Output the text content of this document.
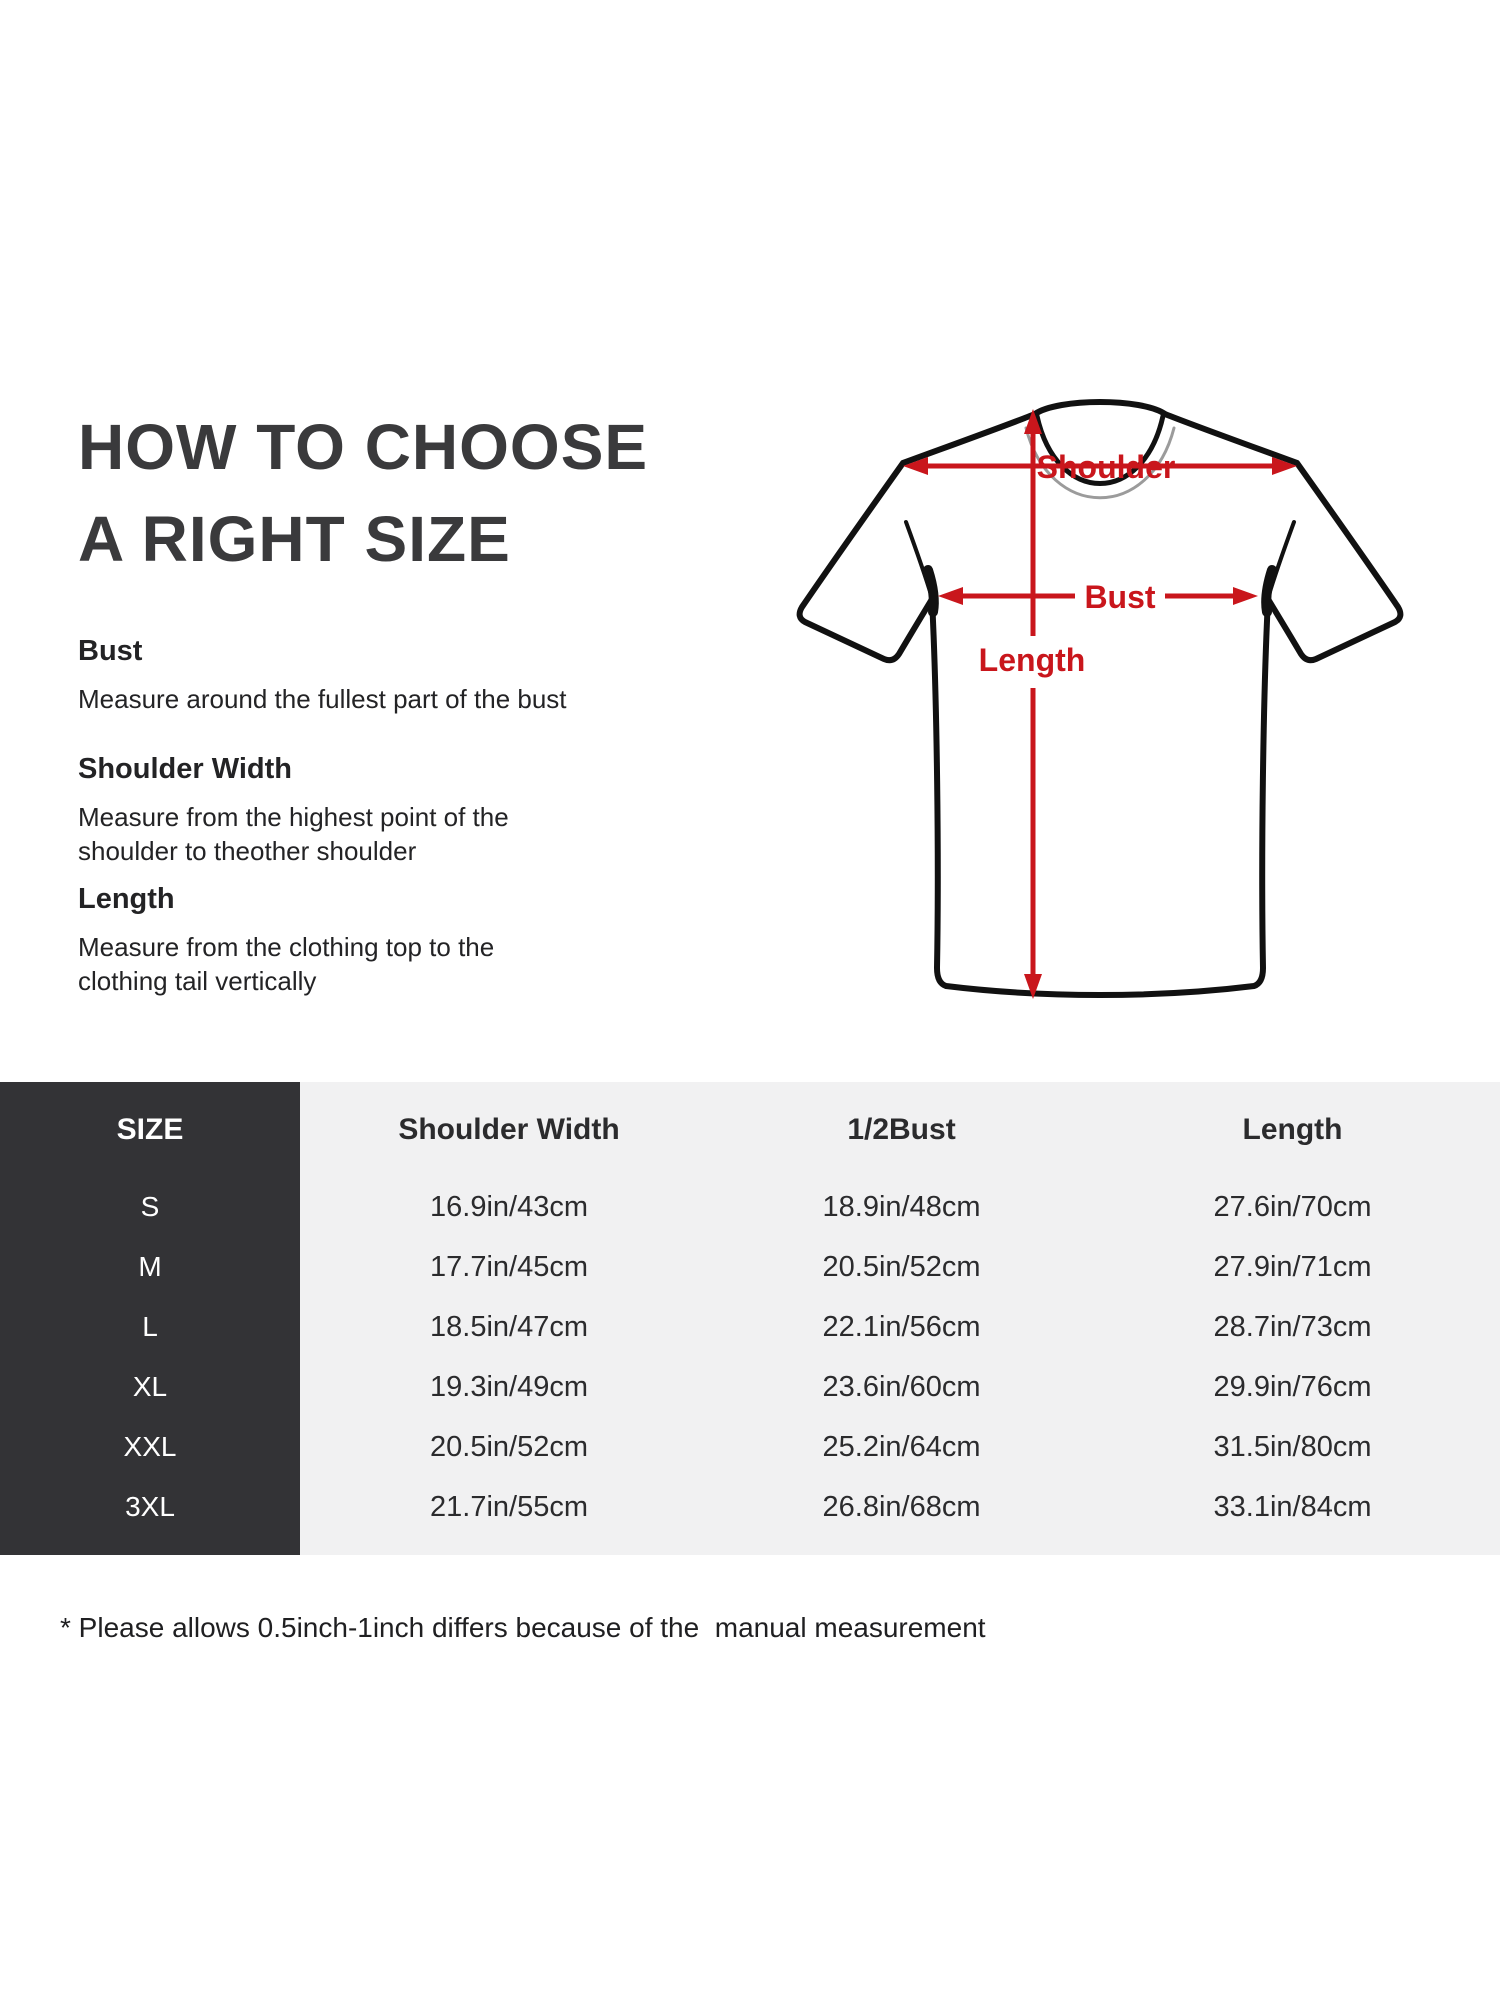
HOW TO CHOOSE
A RIGHT SIZE
Bust
Measure around the fullest part of the bust
Shoulder Width
Measure from the highest point of the
shoulder to theother shoulder
Length
Measure from the clothing top to the
clothing tail vertically
Shoulder
Bust
Length
SIZE	Shoulder Width	1/2Bust	Length
S	16.9in/43cm	18.9in/48cm	27.6in/70cm
M	17.7in/45cm	20.5in/52cm	27.9in/71cm
L	18.5in/47cm	22.1in/56cm	28.7in/73cm
XL	19.3in/49cm	23.6in/60cm	29.9in/76cm
XXL	20.5in/52cm	25.2in/64cm	31.5in/80cm
3XL	21.7in/55cm	26.8in/68cm	33.1in/84cm
* Please allows 0.5inch-1inch differs because of the  manual measurement
